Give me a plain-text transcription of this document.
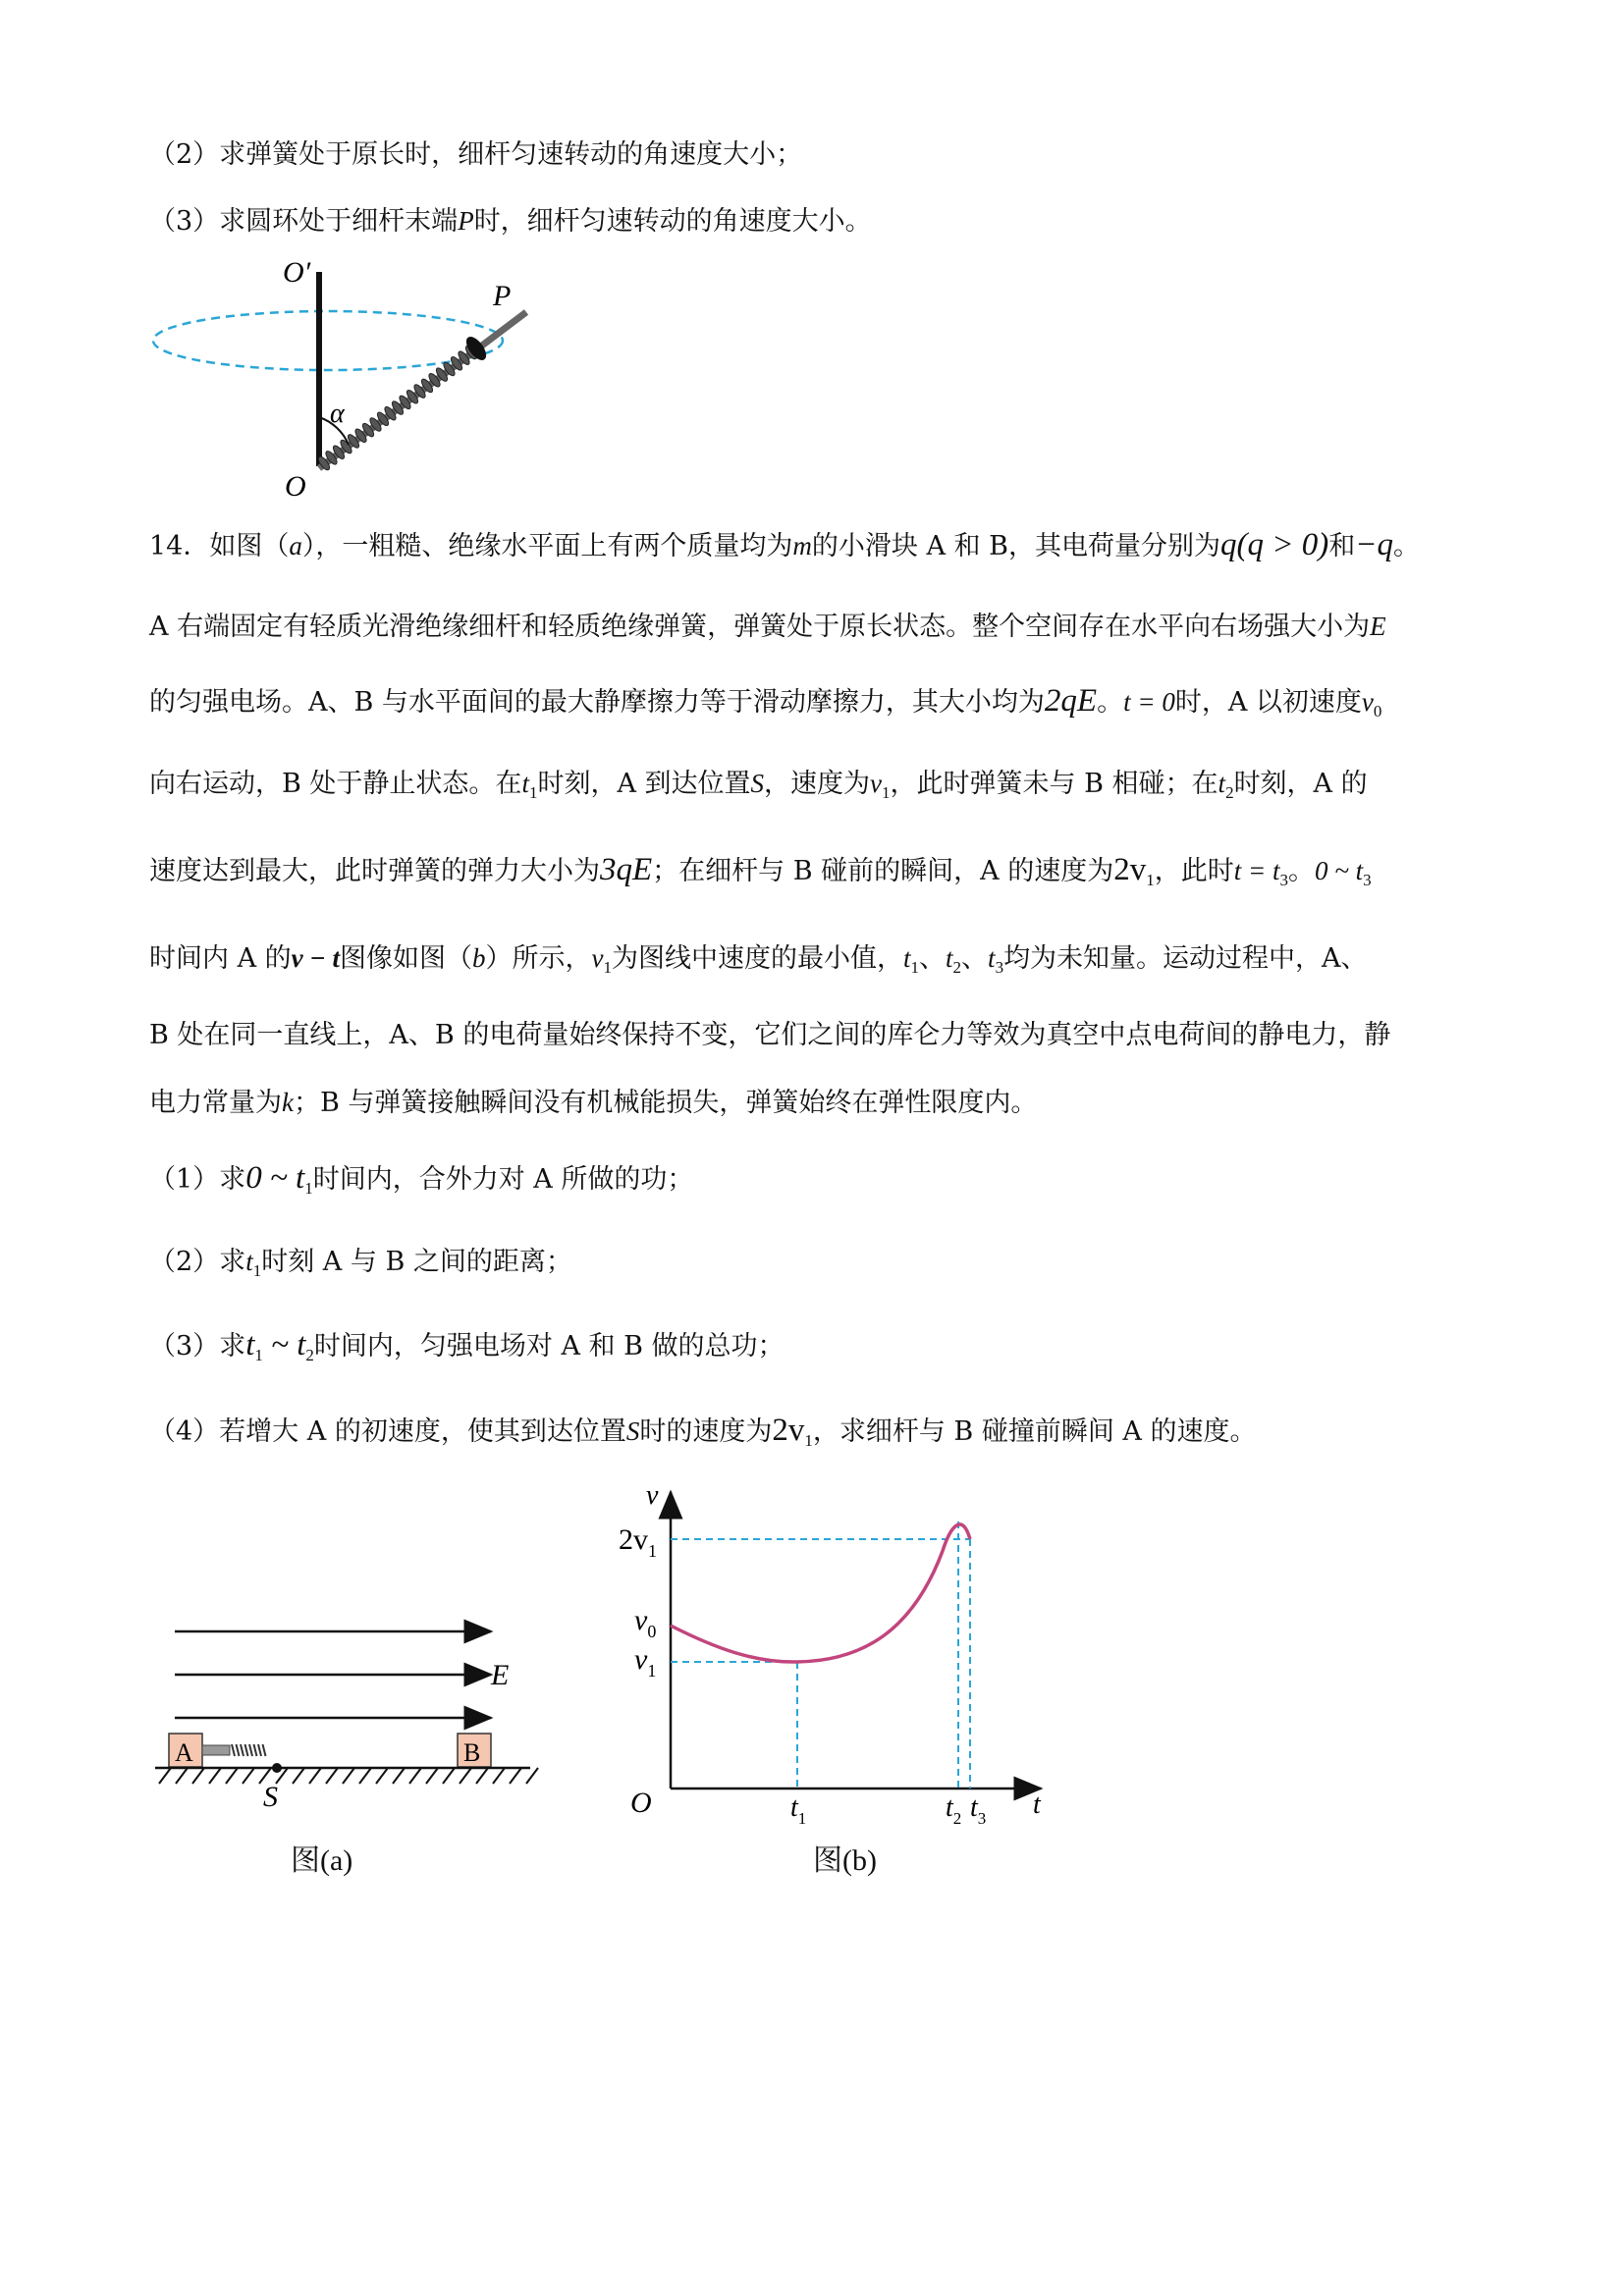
（2）求弹簧处于原长时，细杆匀速转动的角速度大小；
（3）求圆环处于细杆末端P时，细杆匀速转动的角速度大小。
O′
P
α
O
14．如图（a），一粗糙、绝缘水平面上有两个质量均为m的小滑块 A 和 B，其电荷量分别为q(q > 0)和−q。
A 右端固定有轻质光滑绝缘细杆和轻质绝缘弹簧，弹簧处于原长状态。整个空间存在水平向右场强大小为E
的匀强电场。A、B 与水平面间的最大静摩擦力等于滑动摩擦力，其大小均为2qE。t = 0时，A 以初速度$v_0$
向右运动，B 处于静止状态。在$t_1$时刻，A 到达位置S，速度为$v_1$，此时弹簧未与 B 相碰；在$t_2$时刻，A 的
速度达到最大，此时弹簧的弹力大小为3qE；在细杆与 B 碰前的瞬间，A 的速度为$2v_1$，此时$t = t_3$。0 ~ $t_3$
时间内 A 的v − t图像如图（b）所示，$v_1$为图线中速度的最小值，$t_1$、$t_2$、$t_3$均为未知量。运动过程中，A、
B 处在同一直线上，A、B 的电荷量始终保持不变，它们之间的库仑力等效为真空中点电荷间的静电力，静
电力常量为k；B 与弹簧接触瞬间没有机械能损失，弹簧始终在弹性限度内。
（1）求0 ~ $t_1$时间内，合外力对 A 所做的功；
（2）求$t_1$时刻 A 与 B 之间的距离；
（3）求$t_1$ ~ $t_2$时间内，匀强电场对 A 和 B 做的总功；
（4）若增大 A 的初速度，使其到达位置S时的速度为$2v_1$，求细杆与 B 碰撞前瞬间 A 的速度。
E
A	B
S
图(a)
v
t
O
$2v_1$
$v_0$
$v_1$
$t_1$	$t_2$ $t_3$
图(b)
